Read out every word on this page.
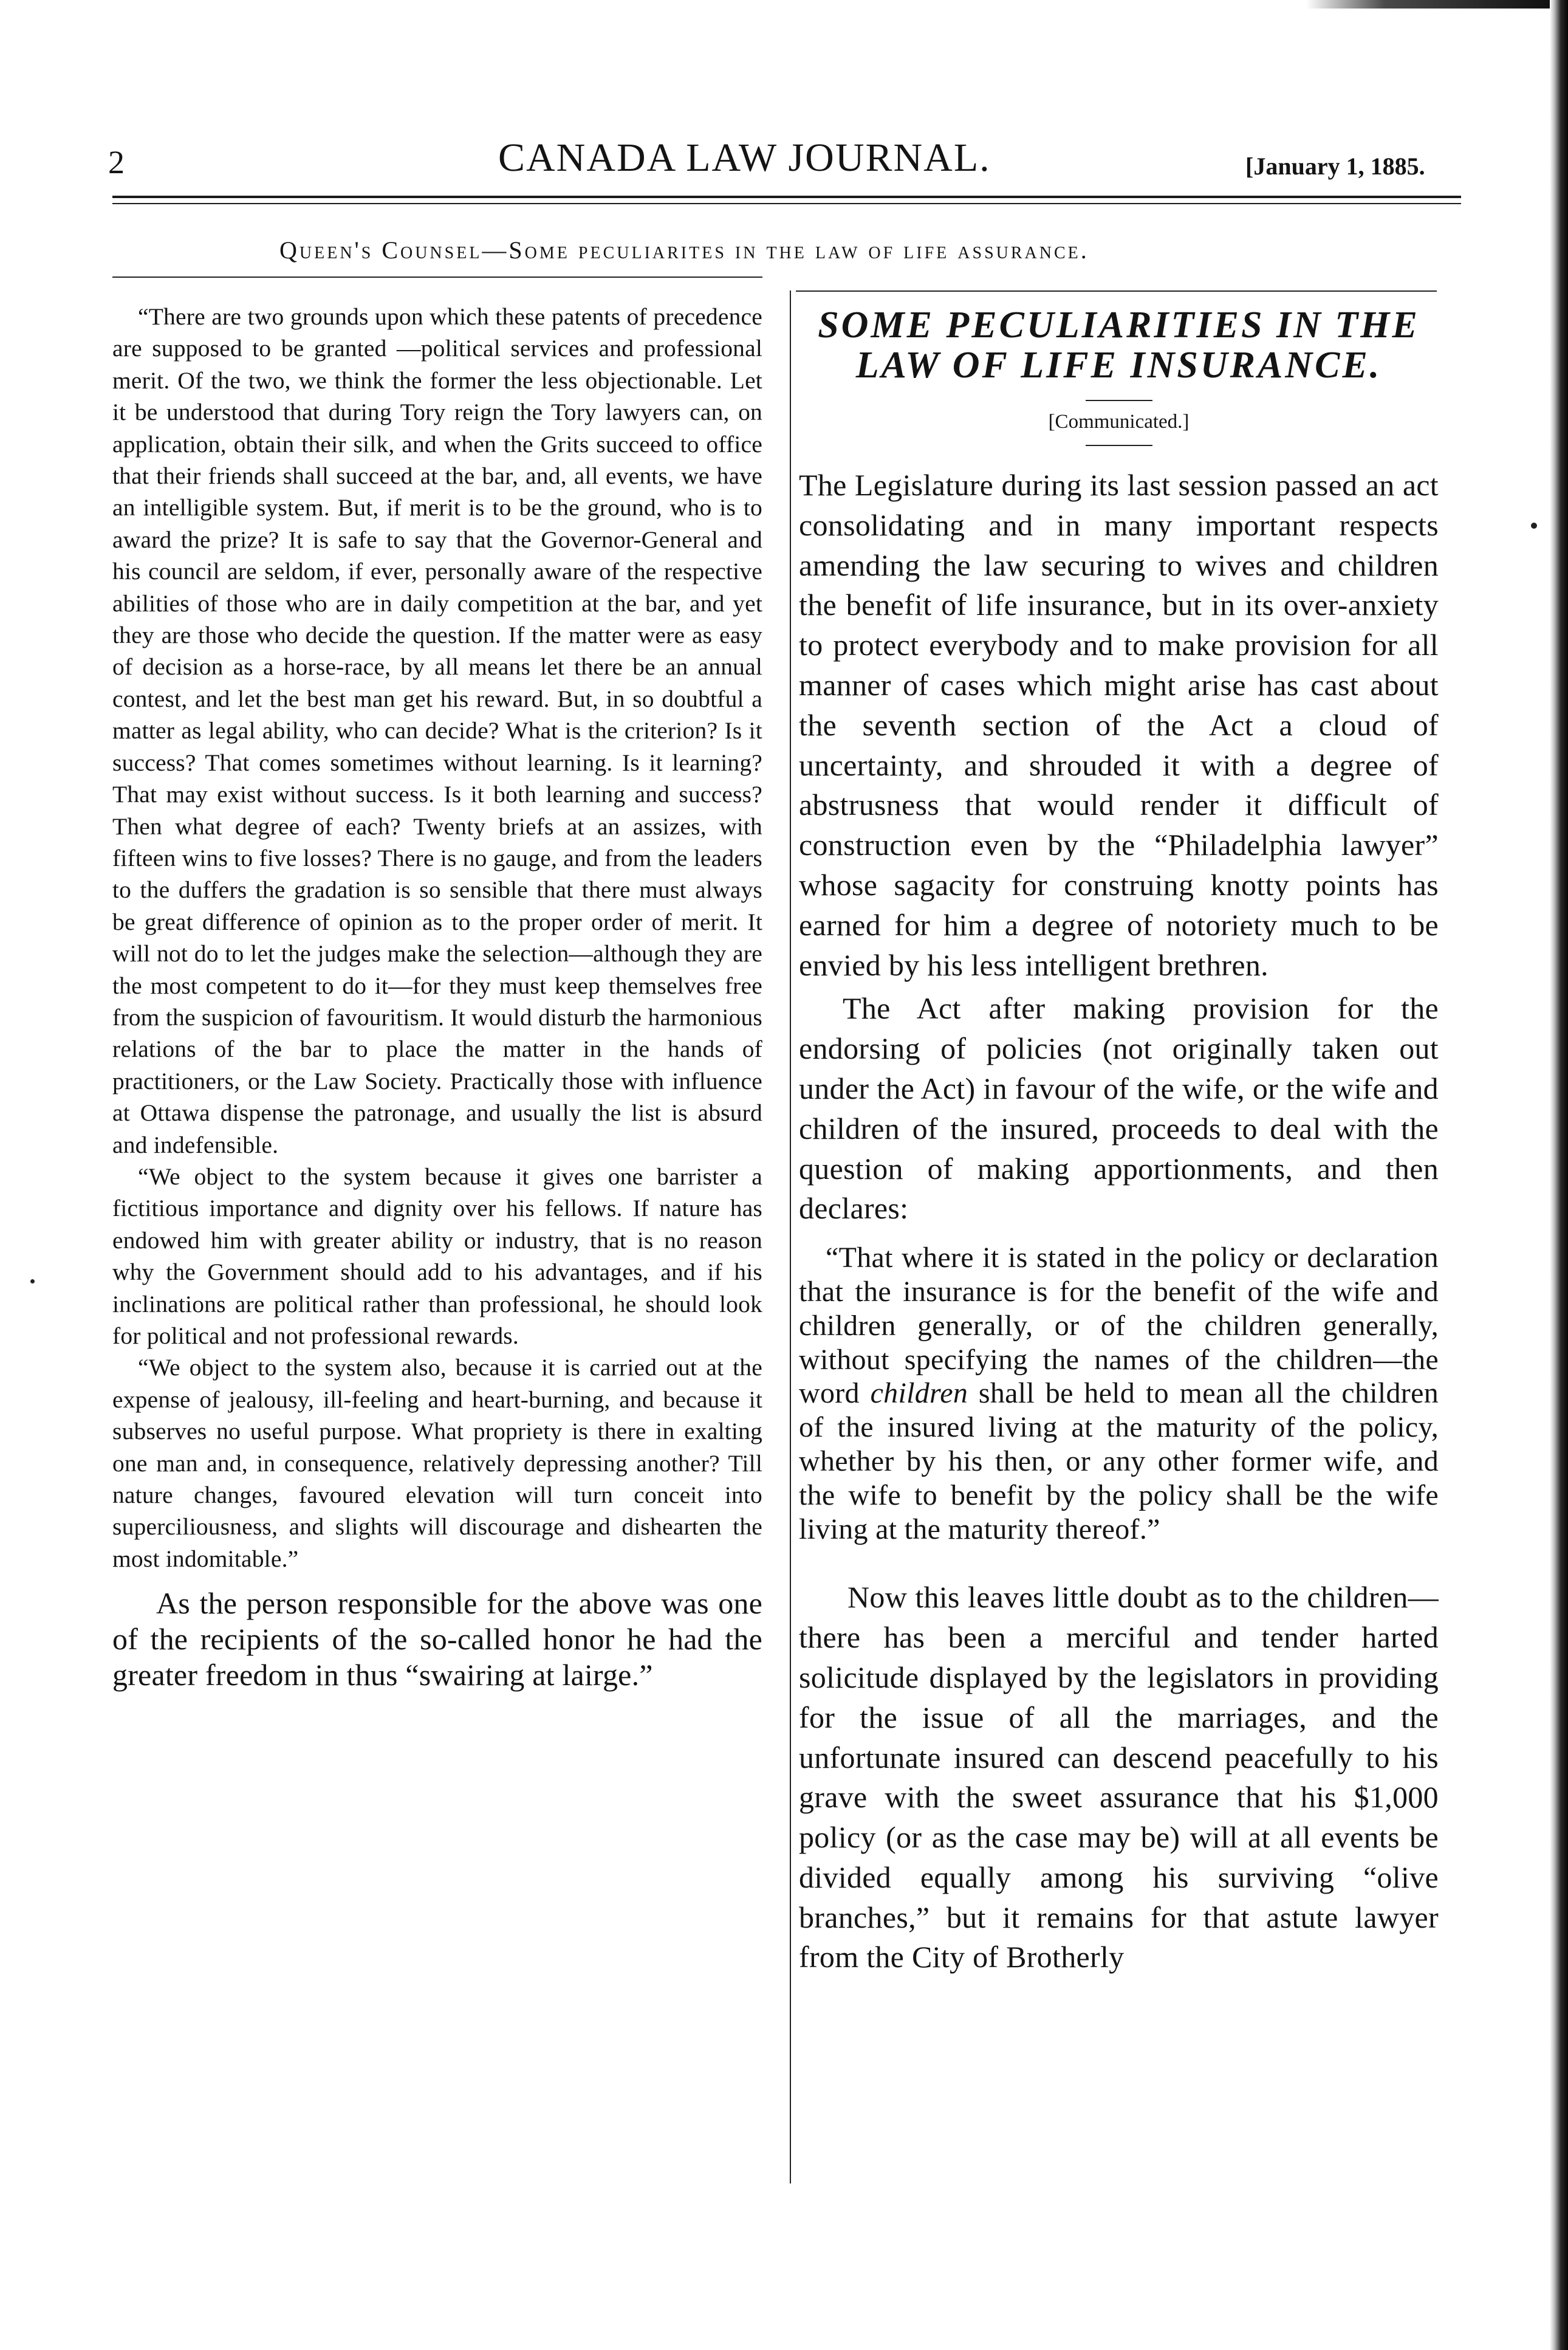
2	CANADA LAW JOURNAL.	[January 1, 1885.
Queen's Counsel—Some peculiarites in the law of life assurance.

“There are two grounds upon which these patents of precedence are supposed to be granted —political services and professional merit. Of the two, we think the former the less objectionable. Let it be understood that during Tory reign the Tory lawyers can, on application, obtain their silk, and when the Grits succeed to office that their friends shall succeed at the bar, and, all events, we have an intelligible system. But, if merit is to be the ground, who is to award the prize? It is safe to say that the Governor-General and his council are seldom, if ever, personally aware of the respective abilities of those who are in daily competition at the bar, and yet they are those who decide the question. If the matter were as easy of decision as a horse-race, by all means let there be an annual contest, and let the best man get his reward. But, in so doubtful a matter as legal ability, who can decide? What is the criterion? Is it success? That comes sometimes without learning. Is it learning? That may exist without success. Is it both learning and success? Then what degree of each? Twenty briefs at an assizes, with fifteen wins to five losses? There is no gauge, and from the leaders to the duffers the gradation is so sensible that there must always be great difference of opinion as to the proper order of merit. It will not do to let the judges make the selection—although they are the most competent to do it—for they must keep themselves free from the suspicion of favouritism. It would disturb the harmonious relations of the bar to place the matter in the hands of practitioners, or the Law Society. Practically those with influence at Ottawa dispense the patronage, and usually the list is absurd and indefensible.

“We object to the system because it gives one barrister a fictitious importance and dignity over his fellows. If nature has endowed him with greater ability or industry, that is no reason why the Government should add to his advantages, and if his inclinations are political rather than professional, he should look for political and not professional rewards.

“We object to the system also, because it is carried out at the expense of jealousy, ill-feeling and heart-burning, and because it subserves no useful purpose. What propriety is there in exalting one man and, in consequence, relatively depressing another? Till nature changes, favoured elevation will turn conceit into superciliousness, and slights will discourage and dishearten the most indomitable.”

As the person responsible for the above was one of the recipients of the so-called honor he had the greater freedom in thus “swairing at lairge.”

SOME PECULIARITIES IN THE
LAW OF LIFE INSURANCE.

[Communicated.]

The Legislature during its last session passed an act consolidating and in many important respects amending the law securing to wives and children the benefit of life insurance, but in its over-anxiety to protect everybody and to make provision for all manner of cases which might arise has cast about the seventh section of the Act a cloud of uncertainty, and shrouded it with a degree of abstrusness that would render it difficult of construction even by the “Philadelphia lawyer” whose sagacity for construing knotty points has earned for him a degree of notoriety much to be envied by his less intelligent brethren.

The Act after making provision for the endorsing of policies (not originally taken out under the Act) in favour of the wife, or the wife and children of the insured, proceeds to deal with the question of making apportionments, and then declares:

“That where it is stated in the policy or declaration that the insurance is for the benefit of the wife and children generally, or of the children generally, without specifying the names of the children—the word children shall be held to mean all the children of the insured living at the maturity of the policy, whether by his then, or any other former wife, and the wife to benefit by the policy shall be the wife living at the maturity thereof.”

Now this leaves little doubt as to the children—there has been a merciful and tender harted solicitude displayed by the legislators in providing for the issue of all the marriages, and the unfortunate insured can descend peacefully to his grave with the sweet assurance that his $1,000 policy (or as the case may be) will at all events be divided equally among his surviving “olive branches,” but it remains for that astute lawyer from the City of Brotherly
